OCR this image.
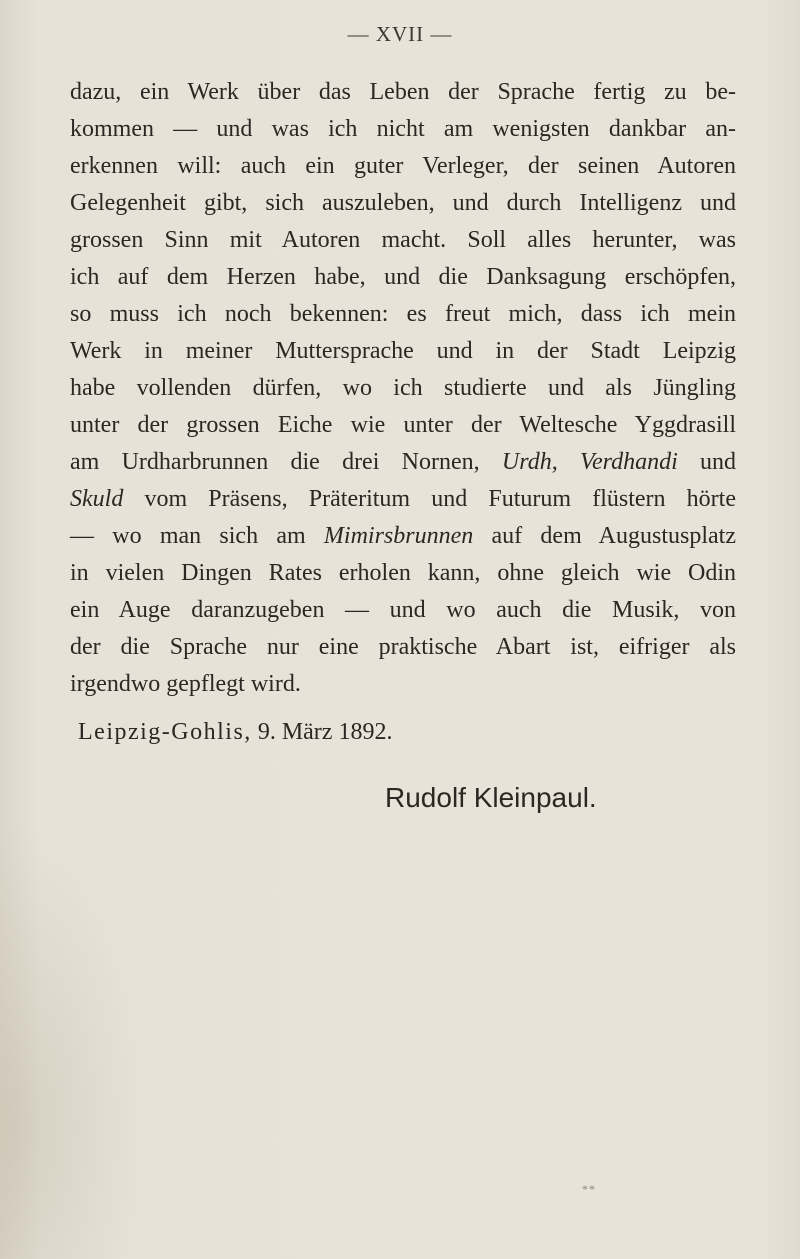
— XVII —
dazu, ein Werk über das Leben der Sprache fertig zu be-
kommen — und was ich nicht am wenigsten dankbar an-
erkennen will: auch ein guter Verleger, der seinen Autoren
Gelegenheit gibt, sich auszuleben, und durch Intelligenz und
grossen Sinn mit Autoren macht. Soll alles herunter, was
ich auf dem Herzen habe, und die Danksagung erschöpfen,
so muss ich noch bekennen: es freut mich, dass ich mein
Werk in meiner Muttersprache und in der Stadt Leipzig
habe vollenden dürfen, wo ich studierte und als Jüngling
unter der grossen Eiche wie unter der Weltesche Yggdrasill
am Urdharbrunnen die drei Nornen, Urdh, Verdhandi und
Skuld vom Präsens, Präteritum und Futurum flüstern hörte
— wo man sich am Mimirsbrunnen auf dem Augustusplatz
in vielen Dingen Rates erholen kann, ohne gleich wie Odin
ein Auge daranzugeben — und wo auch die Musik, von
der die Sprache nur eine praktische Abart ist, eifriger als
irgendwo gepflegt wird.
Leipzig-Gohlis, 9. März 1892.
Rudolf Kleinpaul.
**
